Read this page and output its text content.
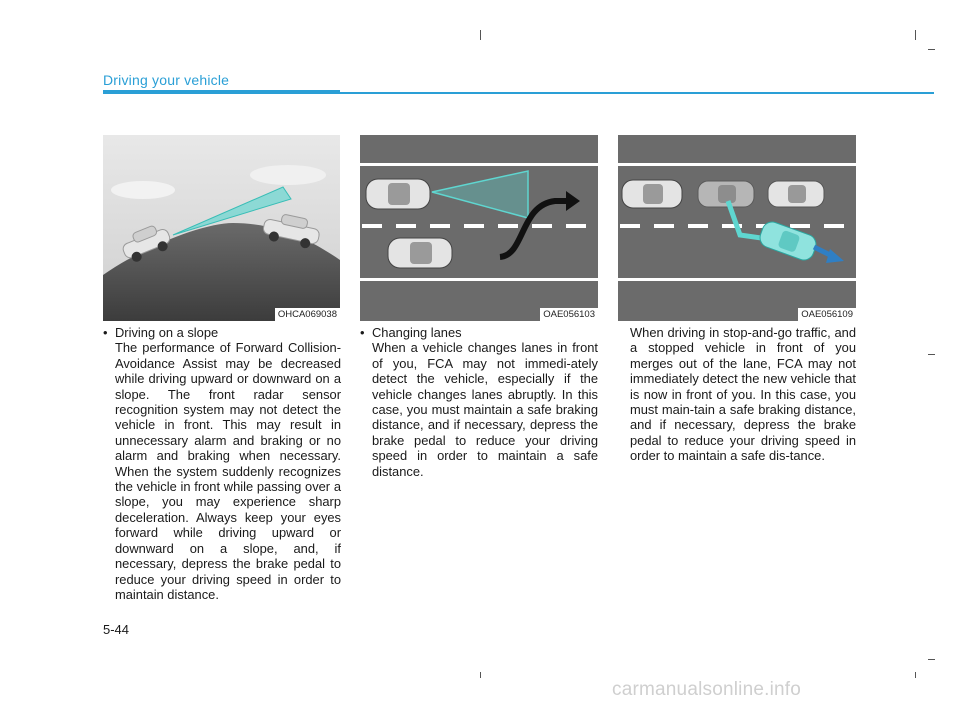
Driving your vehicle
OHCA069038	OAE056103	OAE056109

• Driving on a slope

The performance of Forward Collision-Avoidance Assist may be decreased while driving upward or downward on a slope. The front radar sensor recognition system may not detect the vehicle in front. This may result in unnecessary alarm and braking or no alarm and braking when necessary. When the system suddenly recognizes the vehicle in front while passing over a slope, you may experience sharp deceleration. Always keep your eyes forward while driving upward or downward on a slope, and, if necessary, depress the brake pedal to reduce your driving speed in order to maintain distance.

• Changing lanes

When a vehicle changes lanes in front of you, FCA may not immedi-ately detect the vehicle, especially if the vehicle changes lanes abruptly. In this case, you must maintain a safe braking distance, and if necessary, depress the brake pedal to reduce your driving speed in order to maintain a safe distance.

When driving in stop-and-go traffic, and a stopped vehicle in front of you merges out of the lane, FCA may not immediately detect the new vehicle that is now in front of you. In this case, you must main-tain a safe braking distance, and if necessary, depress the brake pedal to reduce your driving speed in order to maintain a safe dis-tance.

5-44
carmanualsonline.info
